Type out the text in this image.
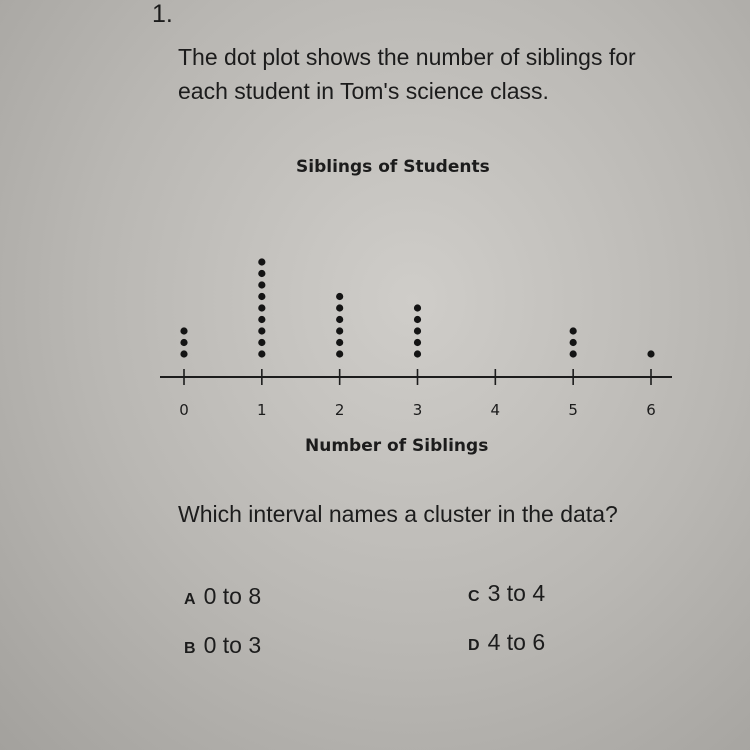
1.
The dot plot shows the number of siblings for each student in Tom's science class.
Siblings of Students
0	1	2	3	4	5	6
Number of Siblings
Which interval names a cluster in the data?
A 0 to 8
B 0 to 3
C 3 to 4
D 4 to 6
